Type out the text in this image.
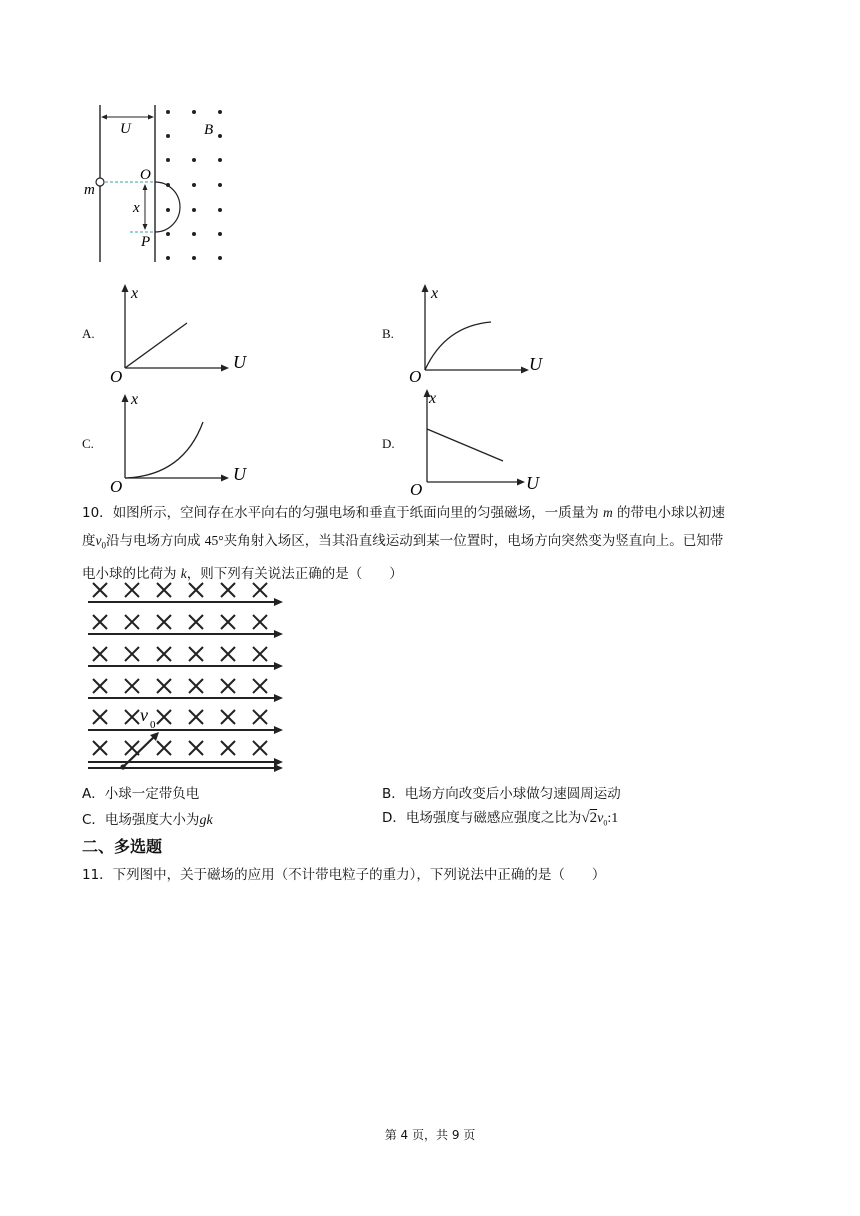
U	B
m
O
P
x
A.
x
U
O
B.
x
U
O
C.
x
U
O
D.
x
U
O
10．如图所示，空间存在水平向右的匀强电场和垂直于纸面向里的匀强磁场，一质量为 m 的带电小球以初速
度$v_0$沿与电场方向成 45°夹角射入场区，当其沿直线运动到某一位置时，电场方向突然变为竖直向上。已知带
电小球的比荷为 k，则下列有关说法正确的是（　　）
v 0
A．小球一定带负电	B．电场方向改变后小球做匀速圆周运动
C．电场强度大小为gk	D．电场强度与磁感应强度之比为$√2v_0:1$
二、多选题
11．下列图中，关于磁场的应用（不计带电粒子的重力），下列说法中正确的是（　　）
第 4 页，共 9 页
